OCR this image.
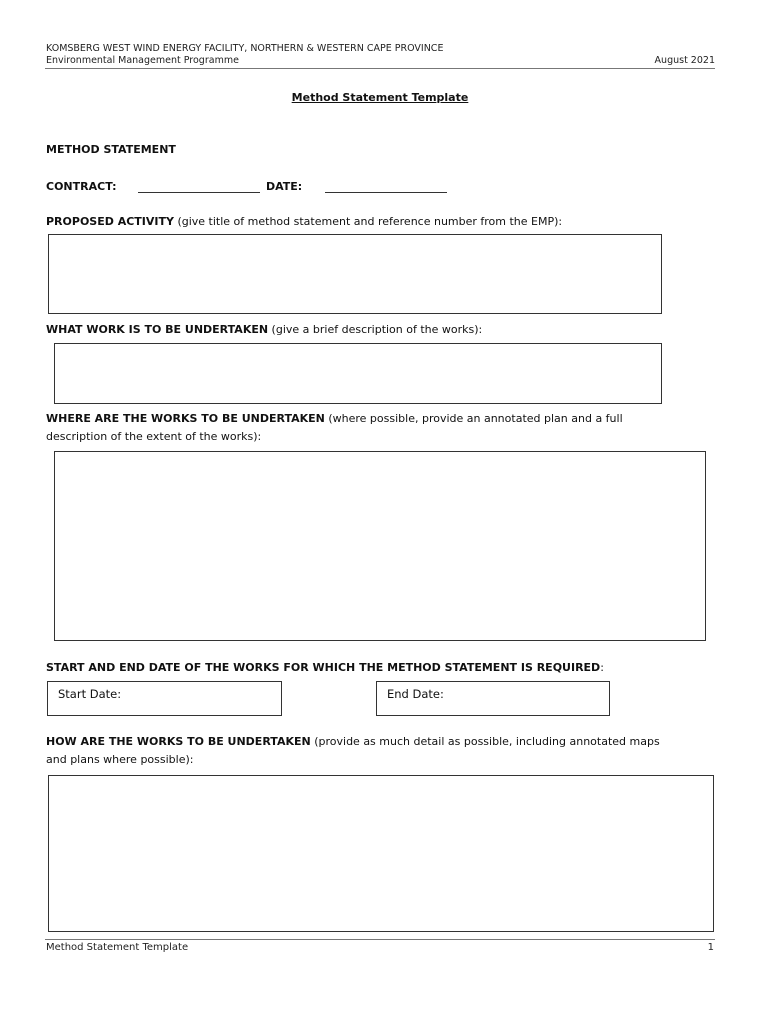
KOMSBERG WEST WIND ENERGY FACILITY, NORTHERN & WESTERN CAPE PROVINCE
Environmental Management Programme	August 2021
Method Statement Template
METHOD STATEMENT
CONTRACT:	DATE:
PROPOSED ACTIVITY (give title of method statement and reference number from the EMP):
WHAT WORK IS TO BE UNDERTAKEN (give a brief description of the works):
WHERE ARE THE WORKS TO BE UNDERTAKEN (where possible, provide an annotated plan and a full
description of the extent of the works):
START AND END DATE OF THE WORKS FOR WHICH THE METHOD STATEMENT IS REQUIRED:
Start Date:	End Date:
HOW ARE THE WORKS TO BE UNDERTAKEN (provide as much detail as possible, including annotated maps
and plans where possible):
Method Statement Template	1
